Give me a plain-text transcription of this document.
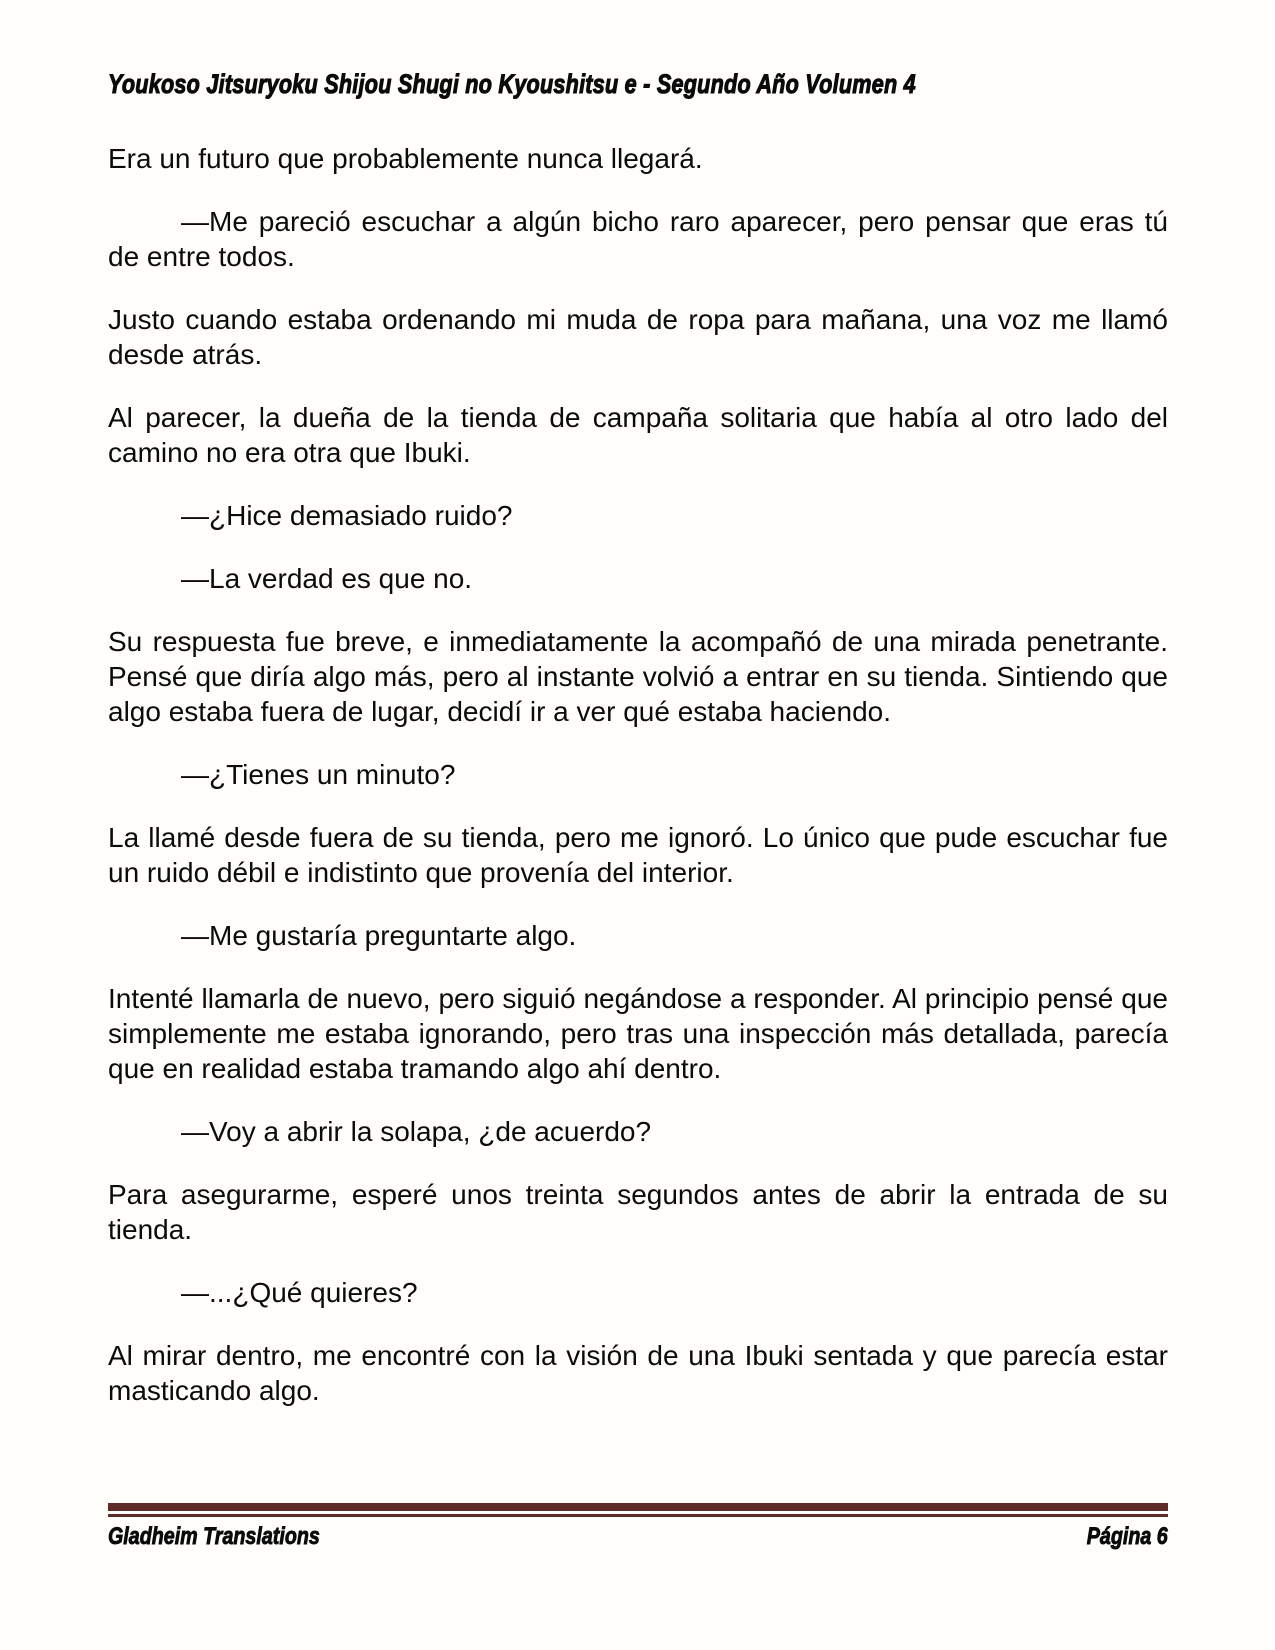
Youkoso Jitsuryoku Shijou Shugi no Kyoushitsu e - Segundo Año Volumen 4

Era un futuro que probablemente nunca llegará.

—Me pareció escuchar a algún bicho raro aparecer, pero pensar que eras tú de entre todos.

Justo cuando estaba ordenando mi muda de ropa para mañana, una voz me llamó desde atrás.

Al parecer, la dueña de la tienda de campaña solitaria que había al otro lado del camino no era otra que Ibuki.

—¿Hice demasiado ruido?

—La verdad es que no.

Su respuesta fue breve, e inmediatamente la acompañó de una mirada penetrante. Pensé que diría algo más, pero al instante volvió a entrar en su tienda. Sintiendo que algo estaba fuera de lugar, decidí ir a ver qué estaba haciendo.

—¿Tienes un minuto?

La llamé desde fuera de su tienda, pero me ignoró. Lo único que pude escuchar fue un ruido débil e indistinto que provenía del interior.

—Me gustaría preguntarte algo.

Intenté llamarla de nuevo, pero siguió negándose a responder. Al principio pensé que simplemente me estaba ignorando, pero tras una inspección más detallada, parecía que en realidad estaba tramando algo ahí dentro.

—Voy a abrir la solapa, ¿de acuerdo?

Para asegurarme, esperé unos treinta segundos antes de abrir la entrada de su tienda.

—...¿Qué quieres?

Al mirar dentro, me encontré con la visión de una Ibuki sentada y que parecía estar masticando algo.

Gladheim Translations	Página 6
